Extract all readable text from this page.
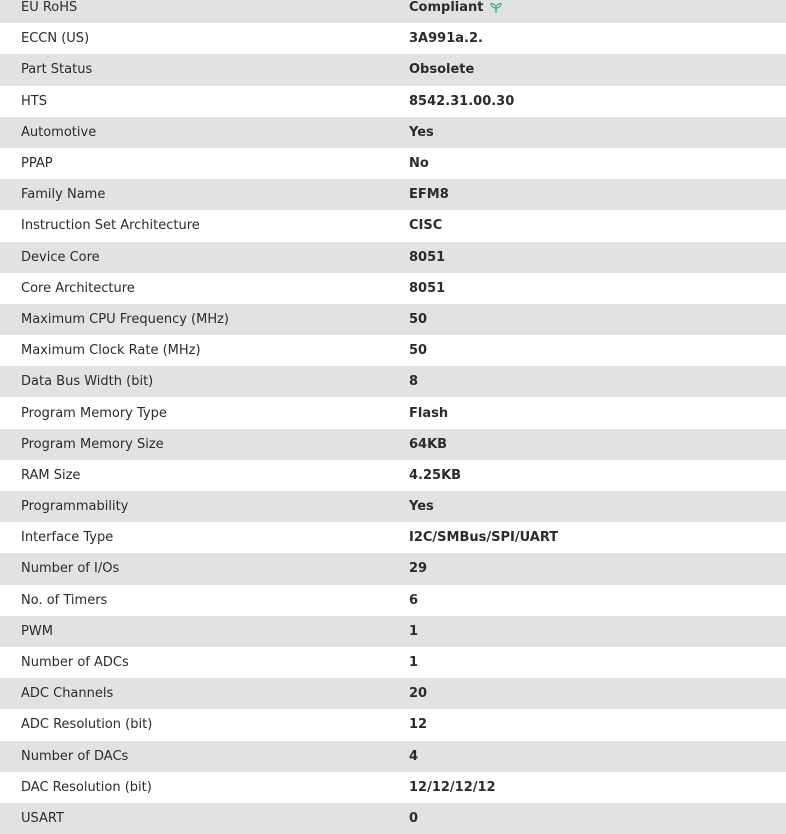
EU RoHS	Compliant
ECCN (US)	3A991a.2.
Part Status	Obsolete
HTS	8542.31.00.30
Automotive	Yes
PPAP	No
Family Name	EFM8
Instruction Set Architecture	CISC
Device Core	8051
Core Architecture	8051
Maximum CPU Frequency (MHz)	50
Maximum Clock Rate (MHz)	50
Data Bus Width (bit)	8
Program Memory Type	Flash
Program Memory Size	64KB
RAM Size	4.25KB
Programmability	Yes
Interface Type	I2C/SMBus/SPI/UART
Number of I/Os	29
No. of Timers	6
PWM	1
Number of ADCs	1
ADC Channels	20
ADC Resolution (bit)	12
Number of DACs	4
DAC Resolution (bit)	12/12/12/12
USART	0
